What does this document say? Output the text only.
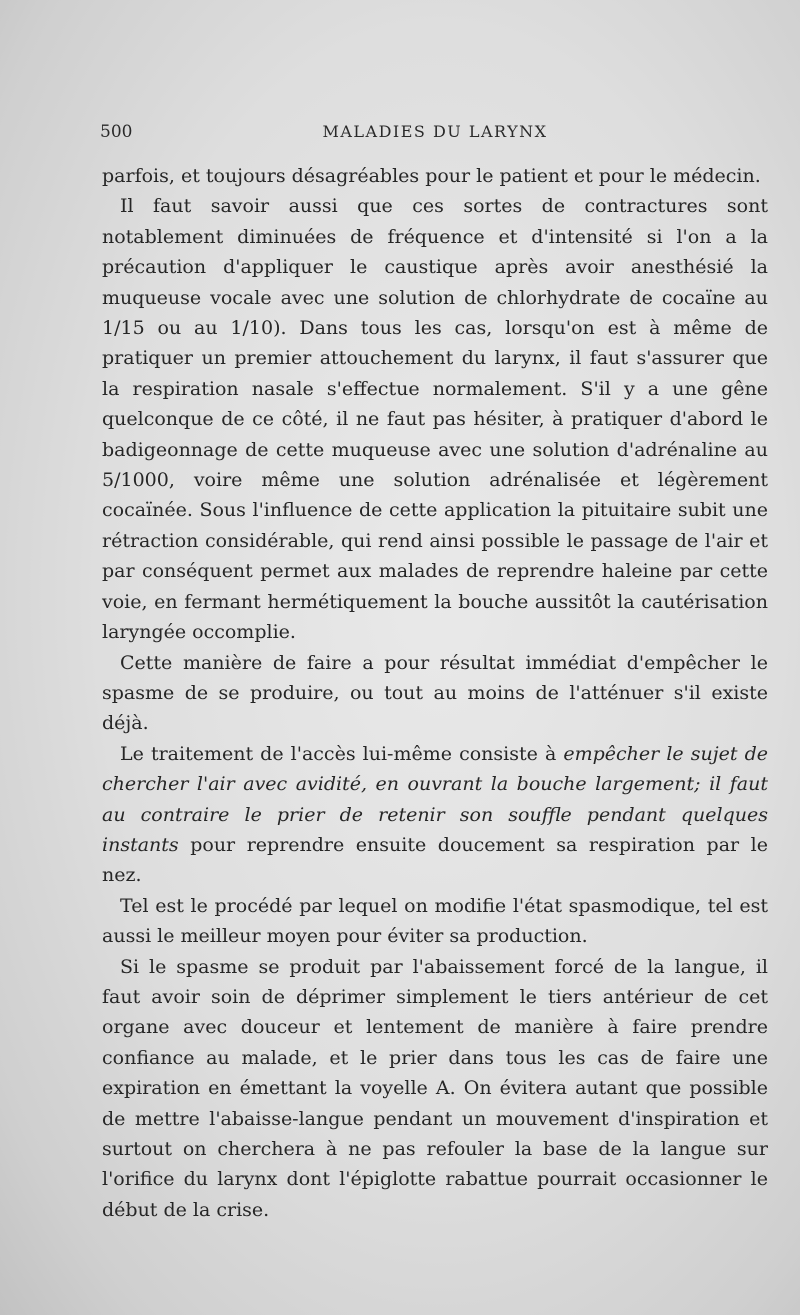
500	MALADIES DU LARYNX

parfois, et toujours désagréables pour le patient et pour le médecin.

Il faut savoir aussi que ces sortes de contractures sont notablement diminuées de fréquence et d'intensité si l'on a la précaution d'appliquer le caustique après avoir anesthésié la muqueuse vocale avec une solution de chlorhydrate de cocaïne au 1/15 ou au 1/10). Dans tous les cas, lorsqu'on est à même de pratiquer un premier attouchement du larynx, il faut s'assurer que la respiration nasale s'effectue normalement. S'il y a une gêne quelconque de ce côté, il ne faut pas hésiter, à pratiquer d'abord le badigeonnage de cette muqueuse avec une solution d'adrénaline au 5/1000, voire même une solution adrénalisée et légèrement cocaïnée. Sous l'influence de cette application la pituitaire subit une rétraction considérable, qui rend ainsi possible le passage de l'air et par conséquent permet aux malades de reprendre haleine par cette voie, en fermant hermétiquement la bouche aussitôt la cautérisation laryngée occomplie.

Cette manière de faire a pour résultat immédiat d'empêcher le spasme de se produire, ou tout au moins de l'atténuer s'il existe déjà.

Le traitement de l'accès lui-même consiste à empêcher le sujet de chercher l'air avec avidité, en ouvrant la bouche largement; il faut au contraire le prier de retenir son souffle pendant quelques instants pour reprendre ensuite doucement sa respiration par le nez.

Tel est le procédé par lequel on modifie l'état spasmodique, tel est aussi le meilleur moyen pour éviter sa production.

Si le spasme se produit par l'abaissement forcé de la langue, il faut avoir soin de déprimer simplement le tiers antérieur de cet organe avec douceur et lentement de manière à faire prendre confiance au malade, et le prier dans tous les cas de faire une expiration en émettant la voyelle A. On évitera autant que possible de mettre l'abaisse-langue pendant un mouvement d'inspiration et surtout on cherchera à ne pas refouler la base de la langue sur l'orifice du larynx dont l'épiglotte rabattue pourrait occasionner le début de la crise.
